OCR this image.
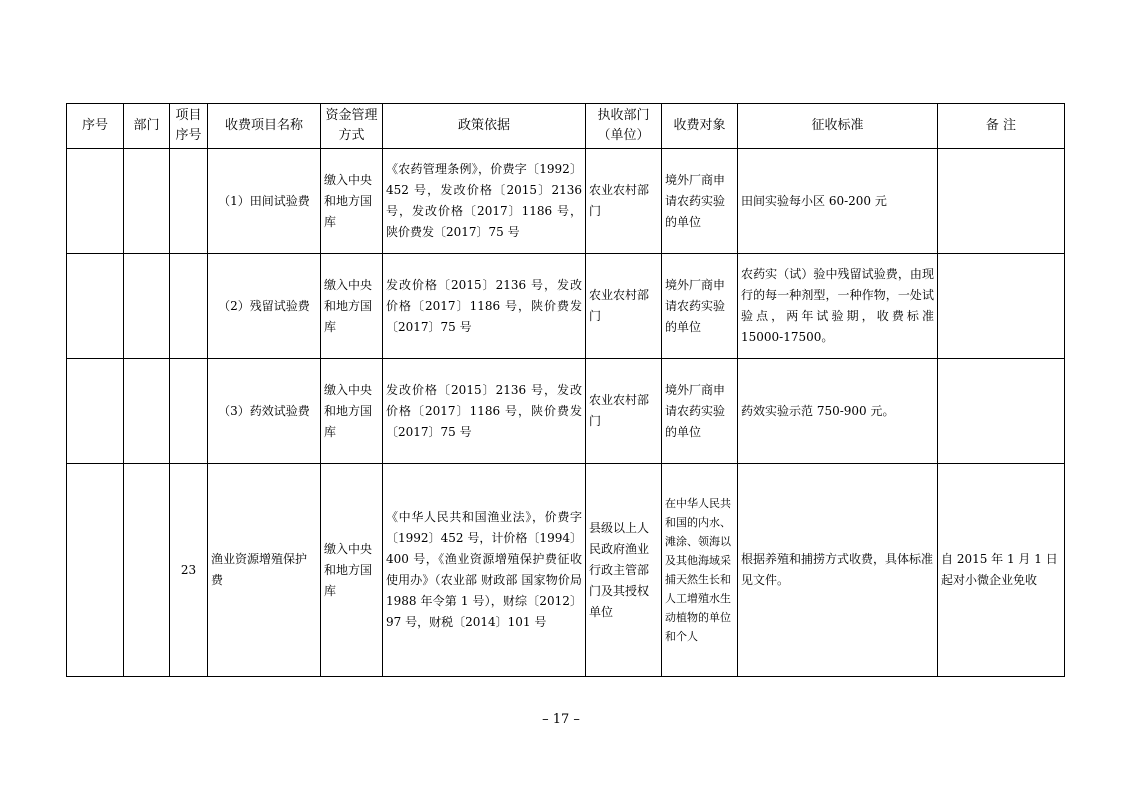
序号	部门	项目序号	收费项目名称	资金管理方式	政策依据	执收部门（单位）	收费对象	征收标准	备 注
			（1）田间试验费	缴入中央和地方国库	《农药管理条例》，价费字〔1992〕452 号，发改价格〔2015〕2136 号，发改价格〔2017〕1186 号，陕价费发〔2017〕75 号	农业农村部门	境外厂商申请农药实验的单位	田间实验每小区 60-200 元	
			（2）残留试验费	缴入中央和地方国库	发改价格〔2015〕2136 号，发改价格〔2017〕1186 号，陕价费发〔2017〕75 号	农业农村部门	境外厂商申请农药实验的单位	农药实（试）验中残留试验费，由现行的每一种剂型，一种作物，一处试验点，两年试验期，收费标准 15000-17500。	
			（3）药效试验费	缴入中央和地方国库	发改价格〔2015〕2136 号，发改价格〔2017〕1186 号，陕价费发〔2017〕75 号	农业农村部门	境外厂商申请农药实验的单位	药效实验示范 750-900 元。	
		23	渔业资源增殖保护费	缴入中央和地方国库	《中华人民共和国渔业法》，价费字〔1992〕452 号，计价格〔1994〕400 号，《渔业资源增殖保护费征收使用办》（农业部 财政部 国家物价局 1988 年令第 1 号），财综〔2012〕97 号，财税〔2014〕101 号	县级以上人民政府渔业行政主管部门及其授权单位	在中华人民共和国的内水、滩涂、领海以及其他海域采捕天然生长和人工增殖水生动植物的单位和个人	根据养殖和捕捞方式收费，具体标准见文件。	自 2015 年 1 月 1 日起对小微企业免收
– 17 –
